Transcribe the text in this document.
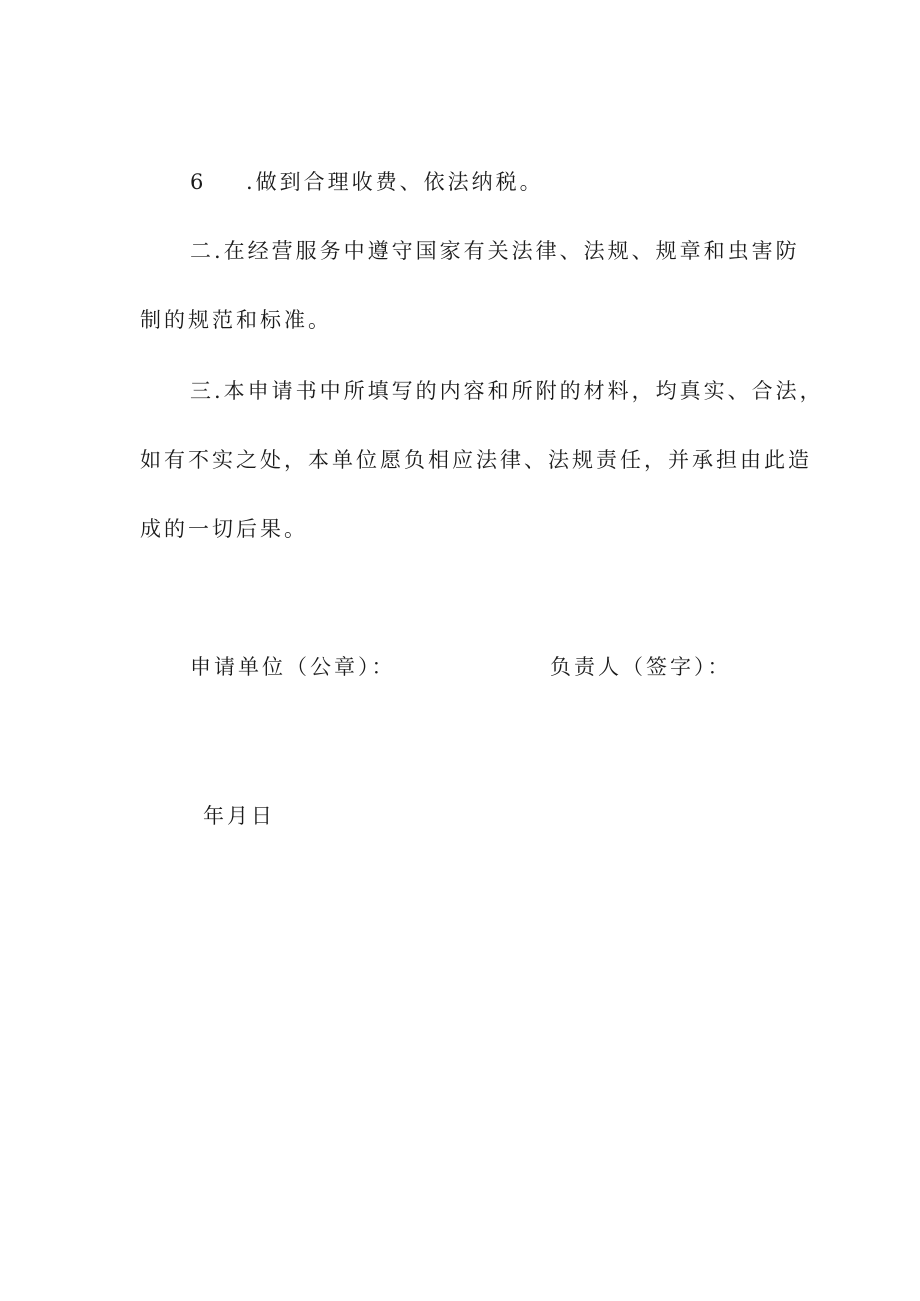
6 .做到合理收费、依法纳税。
二.在经营服务中遵守国家有关法律、法规、规章和虫害防
制的规范和标准。
三.本申请书中所填写的内容和所附的材料，均真实、合法，
如有不实之处，本单位愿负相应法律、法规责任，并承担由此造
成的一切后果。
申请单位（公章）：	负责人（签字）：
年月日
